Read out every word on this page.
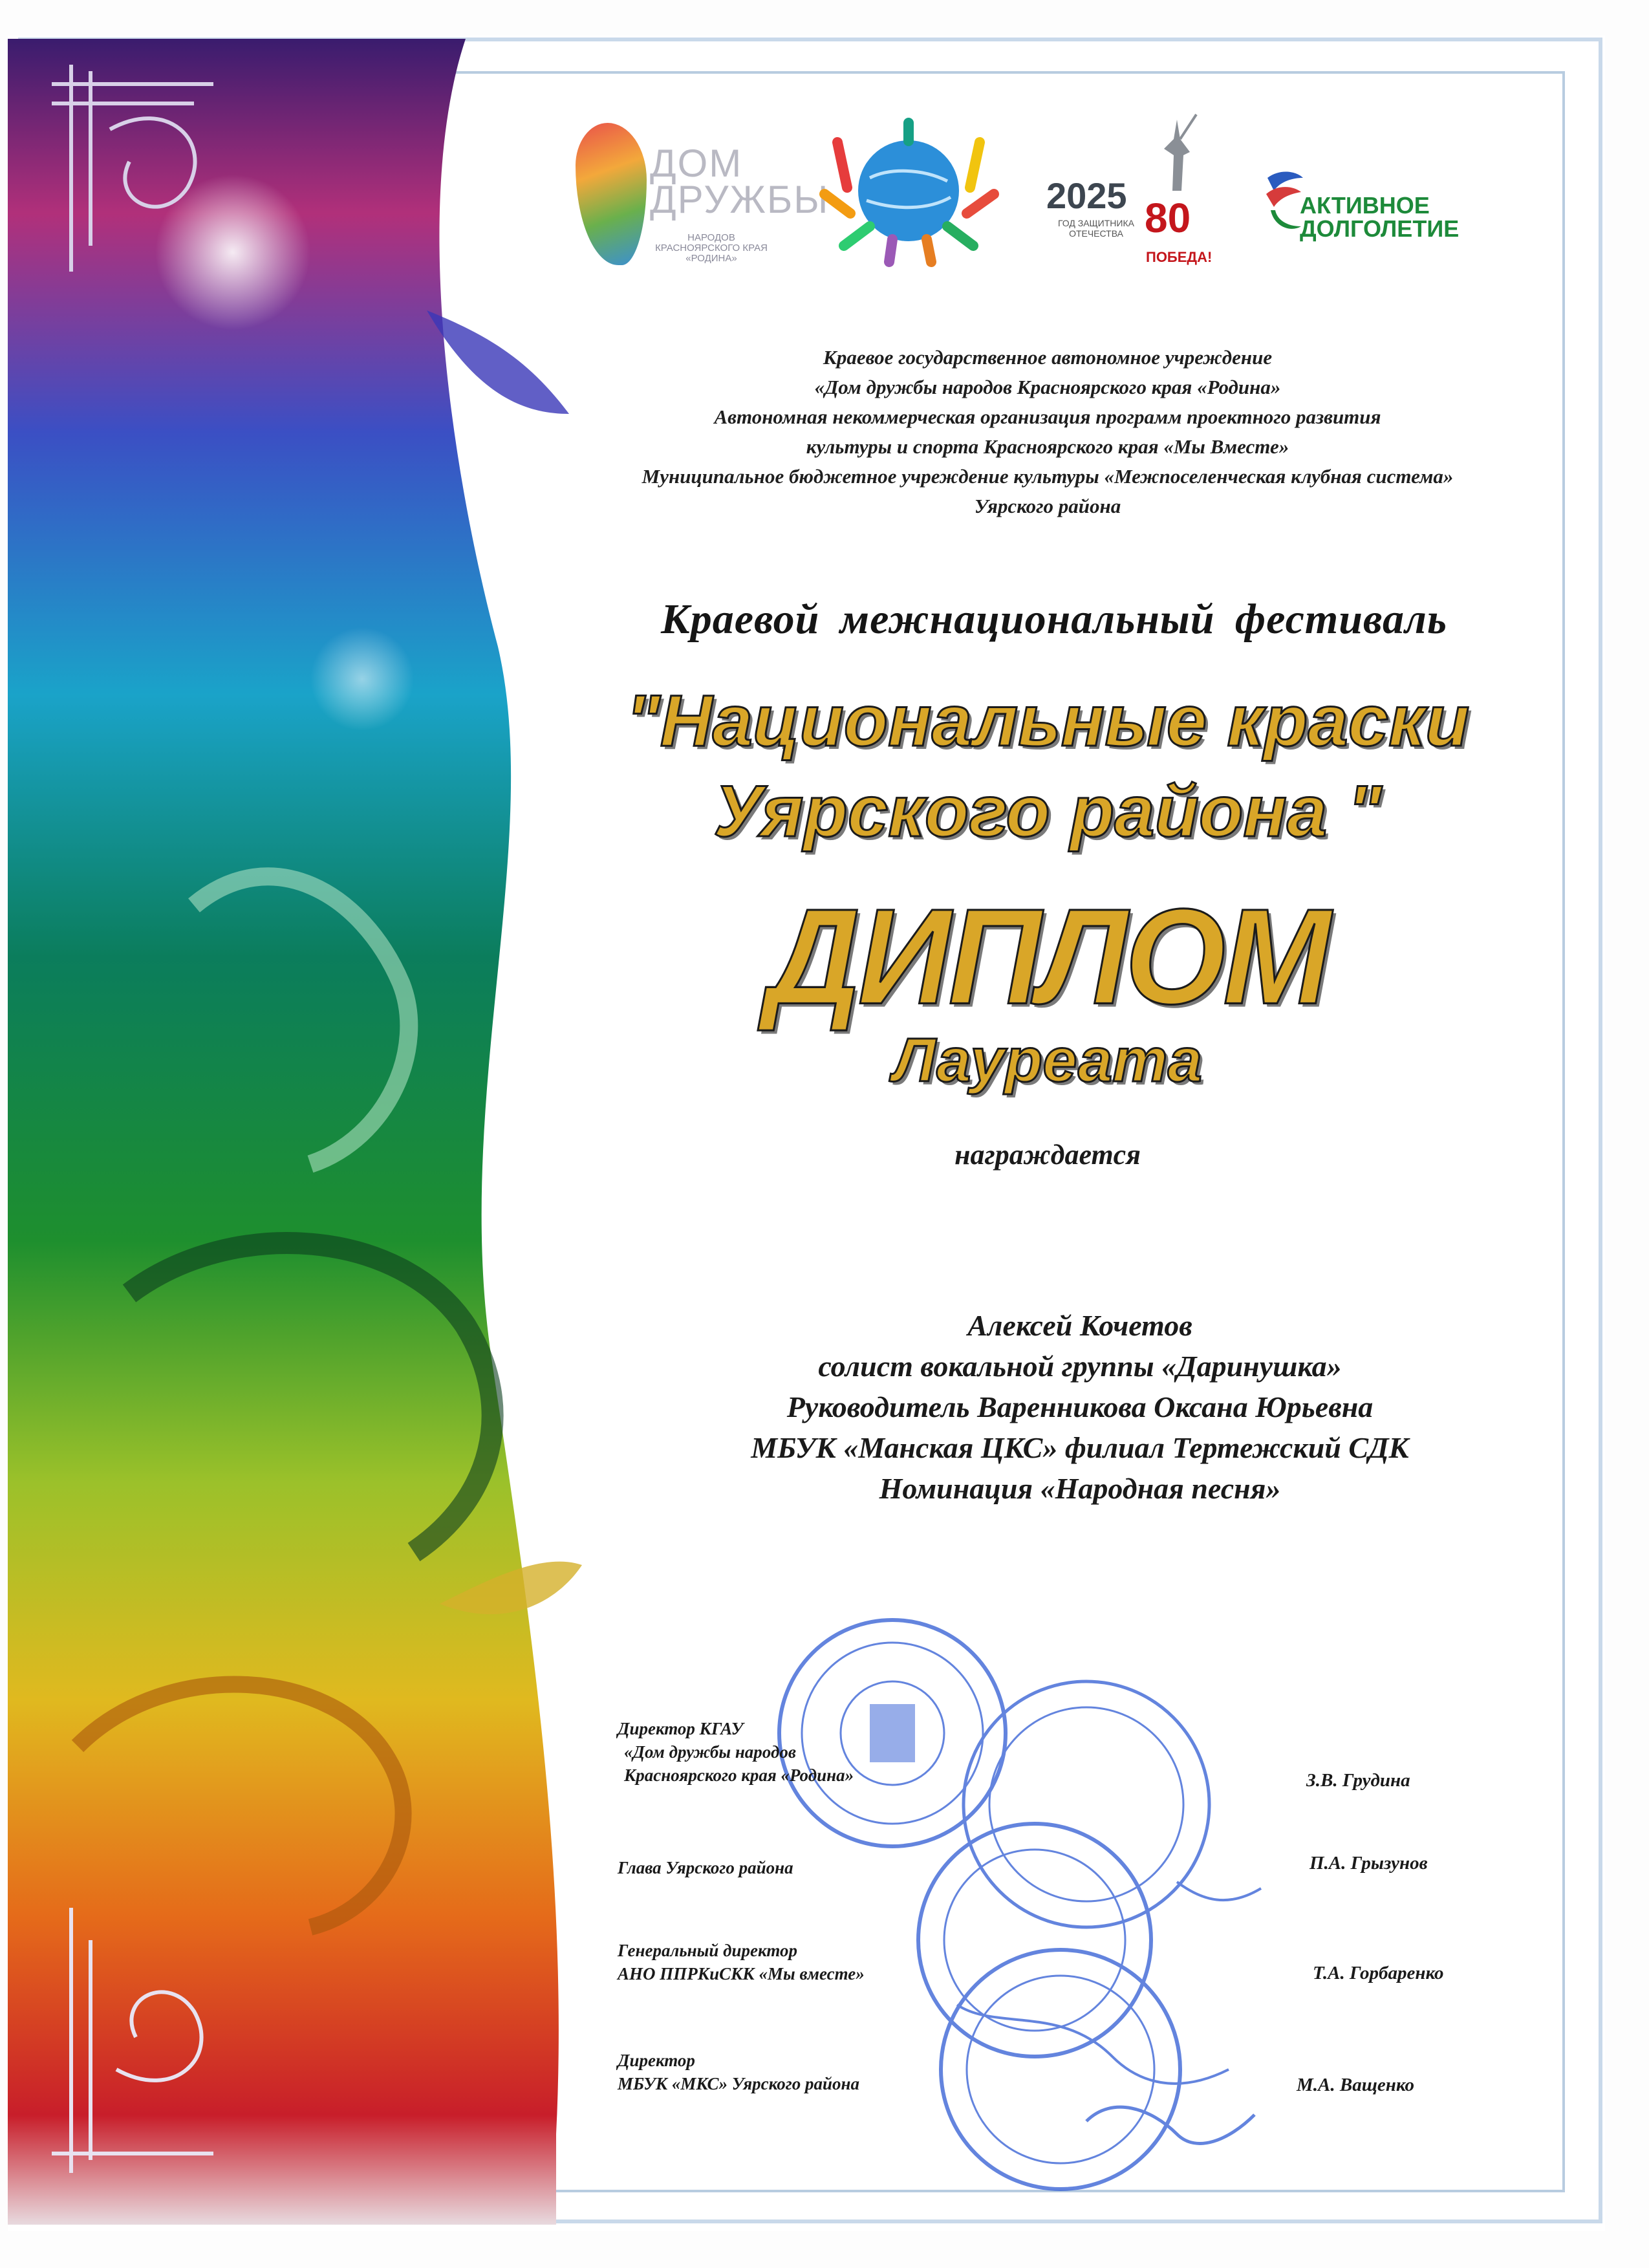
ДОМ ДРУЖБЫ
НАРОДОВ КРАСНОЯРСКОГО КРАЯ «РОДИНА»
2025
ГОД ЗАЩИТНИКА ОТЕЧЕСТВА 80
ПОБЕДА!
АКТИВНОЕ ДОЛГОЛЕТИЕ
Краевое государственное автономное учреждение
«Дом дружбы народов Красноярского края «Родина»
Автономная некоммерческая организация программ проектного развития
культуры и спорта Красноярского края «Мы Вместе»
Муниципальное бюджетное учреждение культуры «Межпоселенческая клубная система»
Уярского района
Краевой межнациональный фестиваль
"Национальные краски
Уярского района "
ДИПЛОМ
Лауреата
награждается
Алексей Кочетов
солист вокальной группы «Даринушка»
Руководитель Варенникова Оксана Юрьевна
МБУК «Манская ЦКС» филиал Тертежский СДК
Номинация «Народная песня»
Директор КГАУ
«Дом дружбы народов
Красноярского края «Родина»	З.В. Грудина
Глава Уярского района	П.А. Грызунов
Генеральный директор
АНО ППРКиСКК «Мы вместе»	Т.А. Горбаренко
Директор
МБУК «МКС» Уярского района	М.А. Ващенко
